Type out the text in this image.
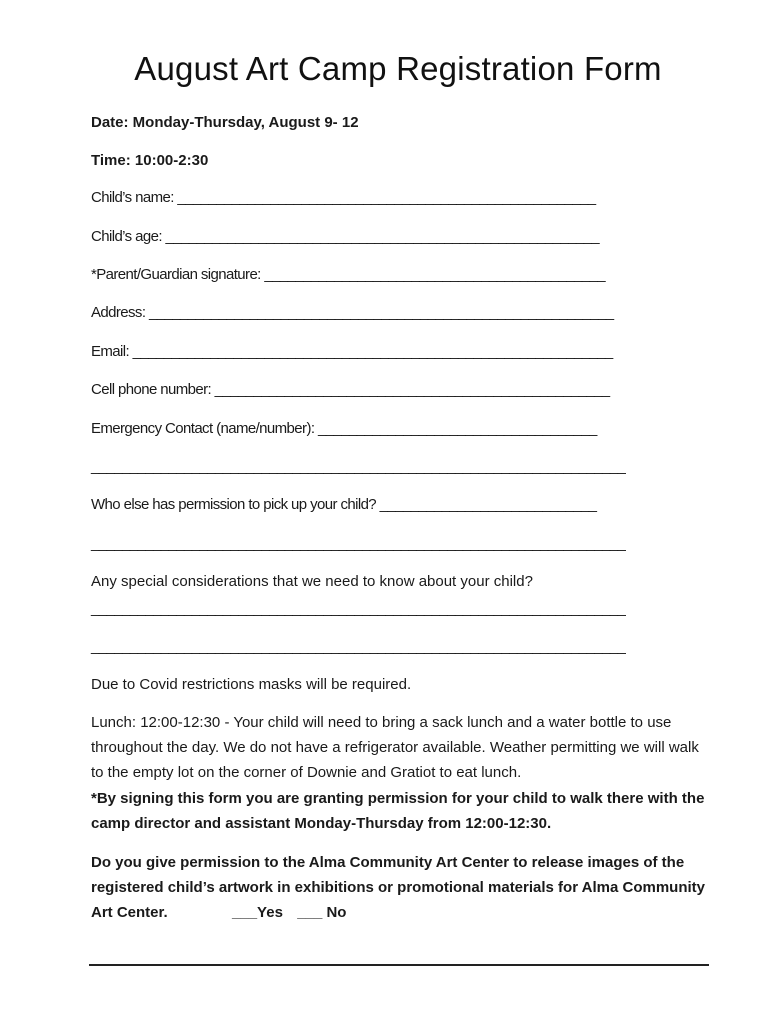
August Art Camp Registration Form
Date: Monday-Thursday, August 9- 12
Time: 10:00-2:30
Child’s name: ______________________________________________________
Child’s age: ________________________________________________________
*Parent/Guardian signature: ____________________________________________
Address: ____________________________________________________________
Email: ______________________________________________________________
Cell phone number: ___________________________________________________
Emergency Contact (name/number): ____________________________________
_____________________________________________________________________
Who else has permission to pick up your child? ____________________________
_____________________________________________________________________
Any special considerations that we need to know about your child?
_____________________________________________________________________
_____________________________________________________________________
Due to Covid restrictions masks will be required.
Lunch: 12:00-12:30 - Your child will need to bring a sack lunch and a water bottle to use throughout the day. We do not have a refrigerator available. Weather permitting we will walk to the empty lot on the corner of Downie and Gratiot to eat lunch.
*By signing this form you are granting permission for your child to walk there with the camp director and assistant Monday-Thursday from 12:00-12:30.
Do you give permission to the Alma Community Art Center to release images of the registered child’s artwork in exhibitions or promotional materials for Alma Community Art Center.	___Yes ___ No
